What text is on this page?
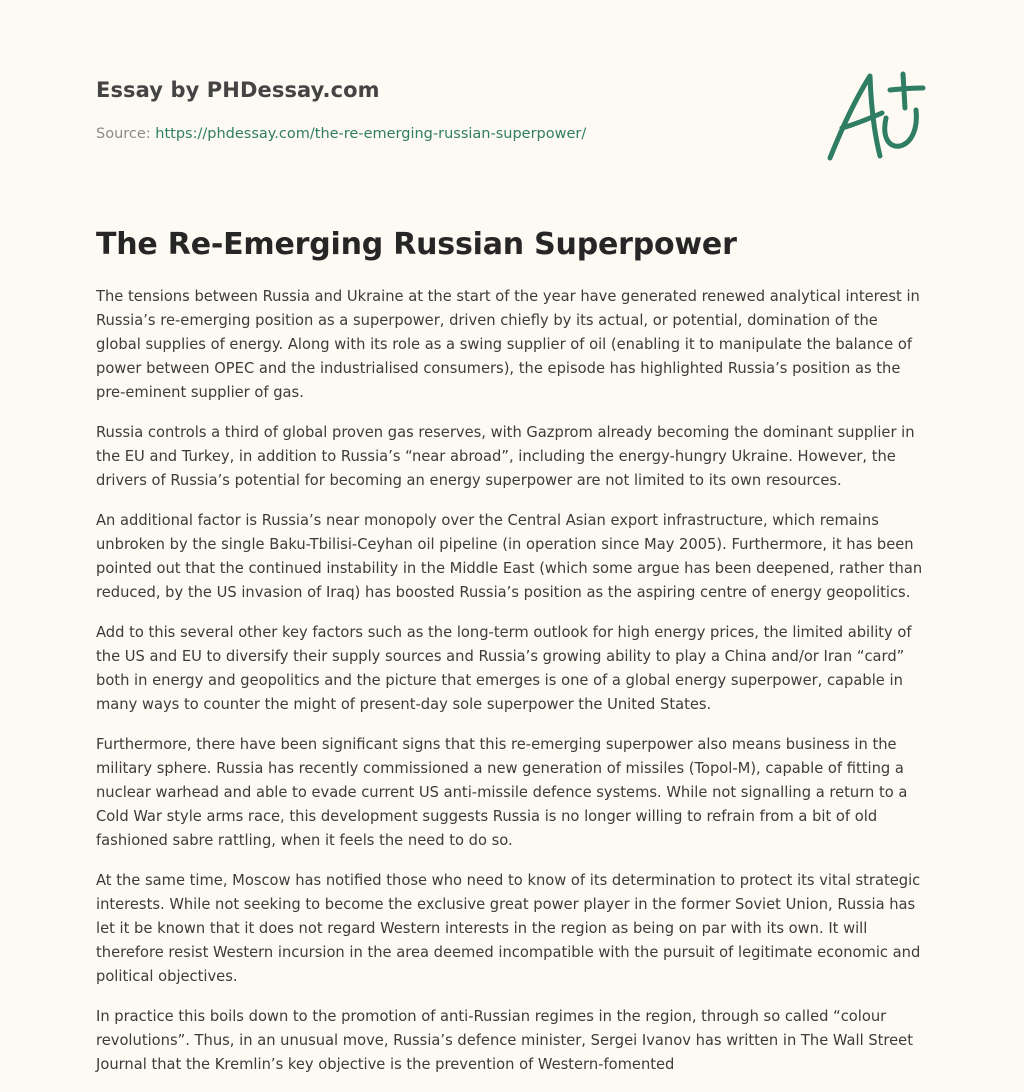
Essay by PHDessay.com
Source: https://phdessay.com/the-re-emerging-russian-superpower/
The Re-Emerging Russian Superpower

The tensions between Russia and Ukraine at the start of the year have generated renewed analytical interest in Russia’s re-emerging position as a superpower, driven chiefly by its actual, or potential, domination of the global supplies of energy. Along with its role as a swing supplier of oil (enabling it to manipulate the balance of power between OPEC and the industrialised consumers), the episode has highlighted Russia’s position as the pre-eminent supplier of gas.

Russia controls a third of global proven gas reserves, with Gazprom already becoming the dominant supplier in the EU and Turkey, in addition to Russia’s “near abroad”, including the energy-hungry Ukraine. However, the drivers of Russia’s potential for becoming an energy superpower are not limited to its own resources.

An additional factor is Russia’s near monopoly over the Central Asian export infrastructure, which remains unbroken by the single Baku-Tbilisi-Ceyhan oil pipeline (in operation since May 2005). Furthermore, it has been pointed out that the continued instability in the Middle East (which some argue has been deepened, rather than reduced, by the US invasion of Iraq) has boosted Russia’s position as the aspiring centre of energy geopolitics.

Add to this several other key factors such as the long-term outlook for high energy prices, the limited ability of the US and EU to diversify their supply sources and Russia’s growing ability to play a China and/or Iran “card” both in energy and geopolitics and the picture that emerges is one of a global energy superpower, capable in many ways to counter the might of present-day sole superpower the United States.

Furthermore, there have been significant signs that this re-emerging superpower also means business in the military sphere. Russia has recently commissioned a new generation of missiles (Topol-M), capable of fitting a nuclear warhead and able to evade current US anti-missile defence systems. While not signalling a return to a Cold War style arms race, this development suggests Russia is no longer willing to refrain from a bit of old fashioned sabre rattling, when it feels the need to do so.

At the same time, Moscow has notified those who need to know of its determination to protect its vital strategic interests. While not seeking to become the exclusive great power player in the former Soviet Union, Russia has let it be known that it does not regard Western interests in the region as being on par with its own. It will therefore resist Western incursion in the area deemed incompatible with the pursuit of legitimate economic and political objectives.

In practice this boils down to the promotion of anti-Russian regimes in the region, through so called “colour revolutions”. Thus, in an unusual move, Russia’s defence minister, Sergei Ivanov has written in The Wall Street Journal that the Kremlin’s key objective is the prevention of Western-fomented
